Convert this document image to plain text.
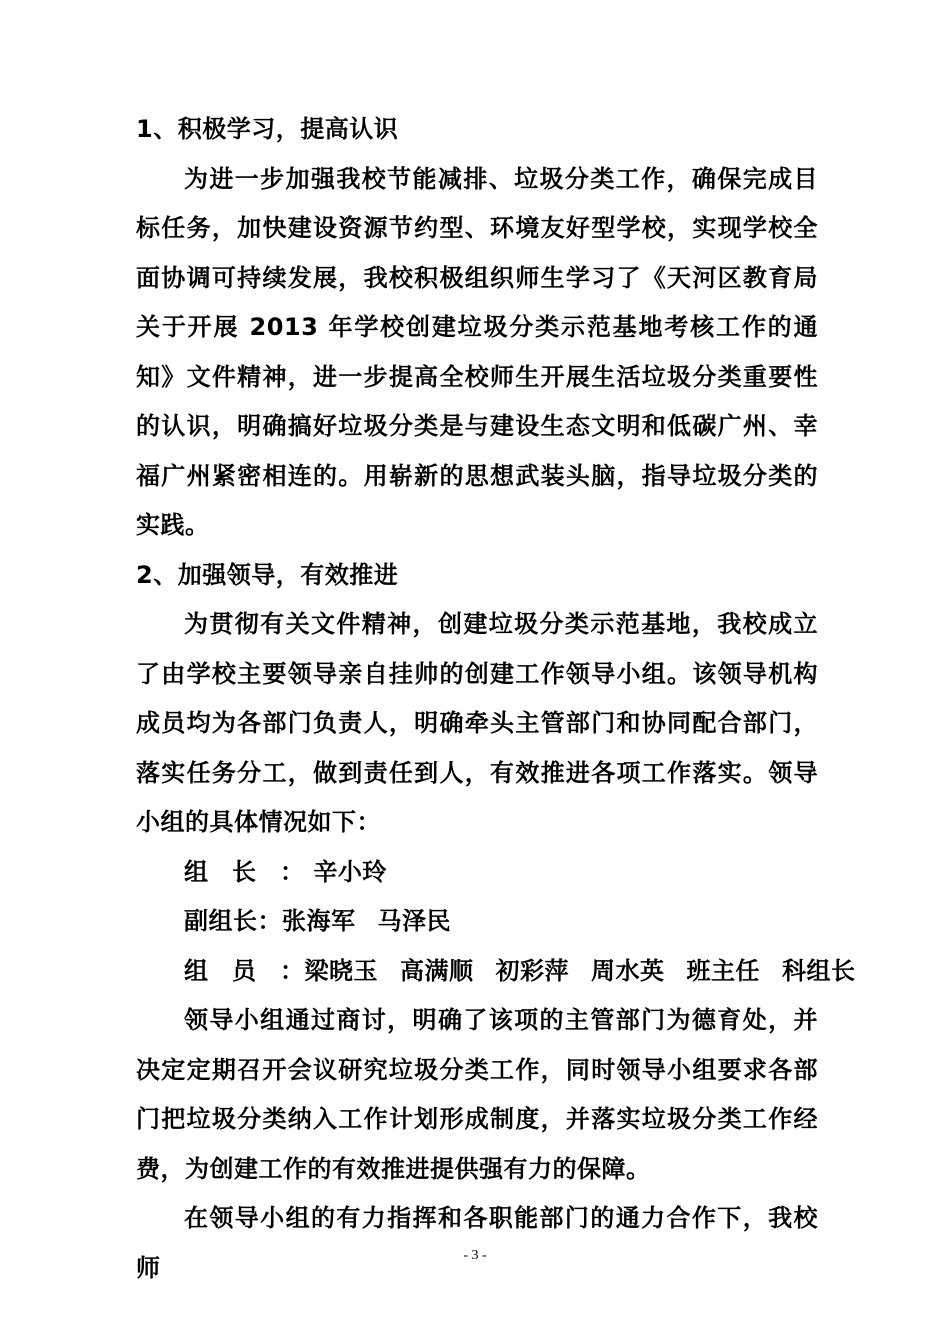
1、积极学习，提高认识

为进一步加强我校节能减排、垃圾分类工作，确保完成目标任务，加快建设资源节约型、环境友好型学校，实现学校全面协调可持续发展，我校积极组织师生学习了《天河区教育局关于开展 2013 年学校创建垃圾分类示范基地考核工作的通知》文件精神，进一步提高全校师生开展生活垃圾分类重要性的认识，明确搞好垃圾分类是与建设生态文明和低碳广州、幸福广州紧密相连的。用崭新的思想武装头脑，指导垃圾分类的实践。

2、加强领导，有效推进

为贯彻有关文件精神，创建垃圾分类示范基地，我校成立了由学校主要领导亲自挂帅的创建工作领导小组。该领导机构成员均为各部门负责人，明确牵头主管部门和协同配合部门，落实任务分工，做到责任到人，有效推进各项工作落实。领导小组的具体情况如下：

组长： 辛小玲

副组长：张海军 马泽民

组员：梁晓玉 高满顺 初彩萍 周水英 班主任 科组长

领导小组通过商讨，明确了该项的主管部门为德育处，并决定定期召开会议研究垃圾分类工作，同时领导小组要求各部门把垃圾分类纳入工作计划形成制度，并落实垃圾分类工作经费，为创建工作的有效推进提供强有力的保障。

在领导小组的有力指挥和各职能部门的通力合作下，我校师	- 3 -
